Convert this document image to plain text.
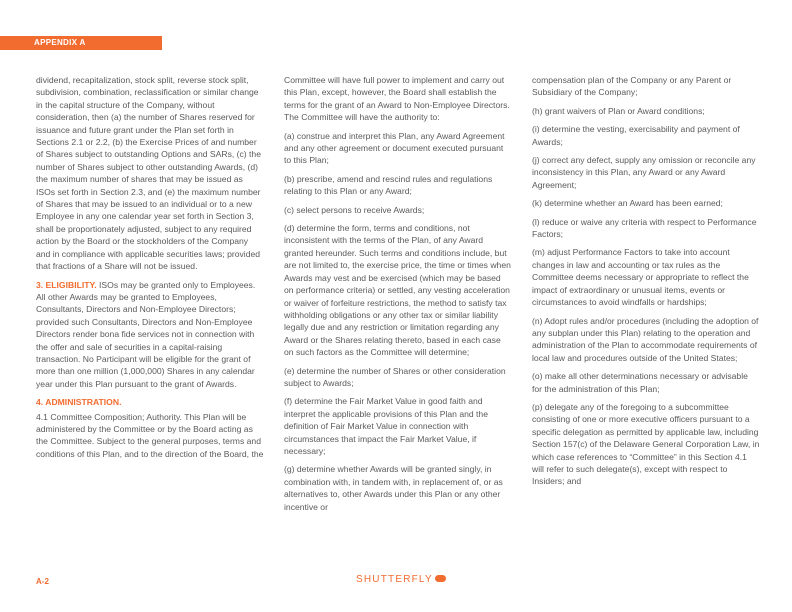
APPENDIX A

dividend, recapitalization, stock split, reverse stock split, subdivision, combination, reclassification or similar change in the capital structure of the Company, without consideration, then (a) the number of Shares reserved for issuance and future grant under the Plan set forth in Sections 2.1 or 2.2, (b) the Exercise Prices of and number of Shares subject to outstanding Options and SARs, (c) the number of Shares subject to other outstanding Awards, (d) the maximum number of shares that may be issued as ISOs set forth in Section 2.3, and (e) the maximum number of Shares that may be issued to an individual or to a new Employee in any one calendar year set forth in Section 3, shall be proportionately adjusted, subject to any required action by the Board or the stockholders of the Company and in compliance with applicable securities laws; provided that fractions of a Share will not be issued.

3. ELIGIBILITY. ISOs may be granted only to Employees. All other Awards may be granted to Employees, Consultants, Directors and Non-Employee Directors; provided such Consultants, Directors and Non-Employee Directors render bona fide services not in connection with the offer and sale of securities in a capital-raising transaction. No Participant will be eligible for the grant of more than one million (1,000,000) Shares in any calendar year under this Plan pursuant to the grant of Awards.

4. ADMINISTRATION.

4.1 Committee Composition; Authority. This Plan will be administered by the Committee or by the Board acting as the Committee. Subject to the general purposes, terms and conditions of this Plan, and to the direction of the Board, the

Committee will have full power to implement and carry out this Plan, except, however, the Board shall establish the terms for the grant of an Award to Non-Employee Directors. The Committee will have the authority to:

(a) construe and interpret this Plan, any Award Agreement and any other agreement or document executed pursuant to this Plan;

(b) prescribe, amend and rescind rules and regulations relating to this Plan or any Award;

(c) select persons to receive Awards;

(d) determine the form, terms and conditions, not inconsistent with the terms of the Plan, of any Award granted hereunder. Such terms and conditions include, but are not limited to, the exercise price, the time or times when Awards may vest and be exercised (which may be based on performance criteria) or settled, any vesting acceleration or waiver of forfeiture restrictions, the method to satisfy tax withholding obligations or any other tax or similar liability legally due and any restriction or limitation regarding any Award or the Shares relating thereto, based in each case on such factors as the Committee will determine;

(e) determine the number of Shares or other consideration subject to Awards;

(f) determine the Fair Market Value in good faith and interpret the applicable provisions of this Plan and the definition of Fair Market Value in connection with circumstances that impact the Fair Market Value, if necessary;

(g) determine whether Awards will be granted singly, in combination with, in tandem with, in replacement of, or as alternatives to, other Awards under this Plan or any other incentive or

compensation plan of the Company or any Parent or Subsidiary of the Company;

(h) grant waivers of Plan or Award conditions;

(i) determine the vesting, exercisability and payment of Awards;

(j) correct any defect, supply any omission or reconcile any inconsistency in this Plan, any Award or any Award Agreement;

(k) determine whether an Award has been earned;

(l) reduce or waive any criteria with respect to Performance Factors;

(m) adjust Performance Factors to take into account changes in law and accounting or tax rules as the Committee deems necessary or appropriate to reflect the impact of extraordinary or unusual items, events or circumstances to avoid windfalls or hardships;

(n) Adopt rules and/or procedures (including the adoption of any subplan under this Plan) relating to the operation and administration of the Plan to accommodate requirements of local law and procedures outside of the United States;

(o) make all other determinations necessary or advisable for the administration of this Plan;

(p) delegate any of the foregoing to a subcommittee consisting of one or more executive officers pursuant to a specific delegation as permitted by applicable law, including Section 157(c) of the Delaware General Corporation Law, in which case references to “Committee” in this Section 4.1 will refer to such delegate(s), except with respect to Insiders; and

A-2	SHUTTERFLY
